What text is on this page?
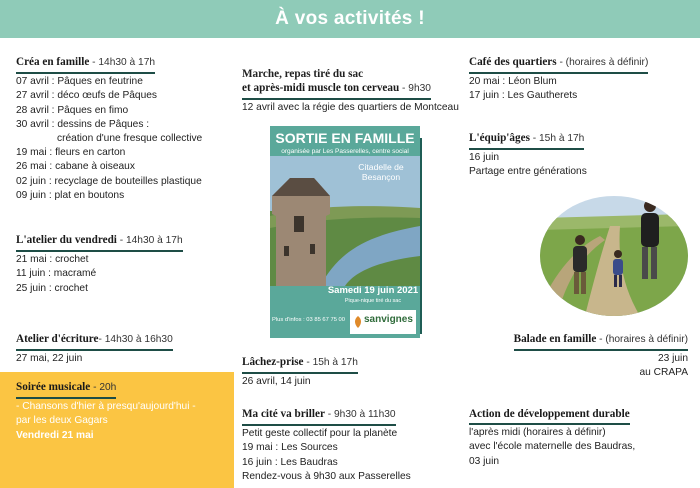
À vos activités !
Créa en famille - 14h30 à 17h
07 avril : Pâques en feutrine
27 avril : déco œufs de Pâques
28 avril : Pâques en fimo
30 avril : dessins de Pâques :
création d'une fresque collective
19 mai : fleurs en carton
26 mai : cabane à oiseaux
02 juin : recyclage de bouteilles plastique
09 juin : plat en boutons
L'atelier du vendredi - 14h30 à 17h
21 mai : crochet
11 juin : macramé
25 juin : crochet
Atelier d'écriture- 14h30 à 16h30
27 mai, 22 juin
Soirée musicale - 20h
- Chansons d'hier à presqu'aujourd'hui -
par les deux Gagars
Vendredi 21 mai
Marche, repas tiré du sac
et après-midi muscle ton cerveau - 9h30
12 avril avec la régie des quartiers de Montceau
SORTIE EN FAMILLE
organisée par Les Passerelles, centre social
Citadelle de Besançon
Samedi 19 juin 2021
Pique-nique tiré du sac
Plus d'infos : 03 85 67 75 00	sanvignes
Lâchez-prise - 15h à 17h
26 avril, 14 juin
Ma cité va briller - 9h30 à 11h30
Petit geste collectif pour la planète
19 mai : Les Sources
16 juin : Les Baudras
Rendez-vous à 9h30 aux Passerelles
Café des quartiers - (horaires à définir)
20 mai : Léon Blum
17 juin : Les Gautherets
L'équip'âges - 15h à 17h
16 juin
Partage entre générations
Balade en famille - (horaires à définir)
23 juin
au CRAPA
Action de développement durable
l'après midi (horaires à définir)
avec l'école maternelle des Baudras,
03 juin
